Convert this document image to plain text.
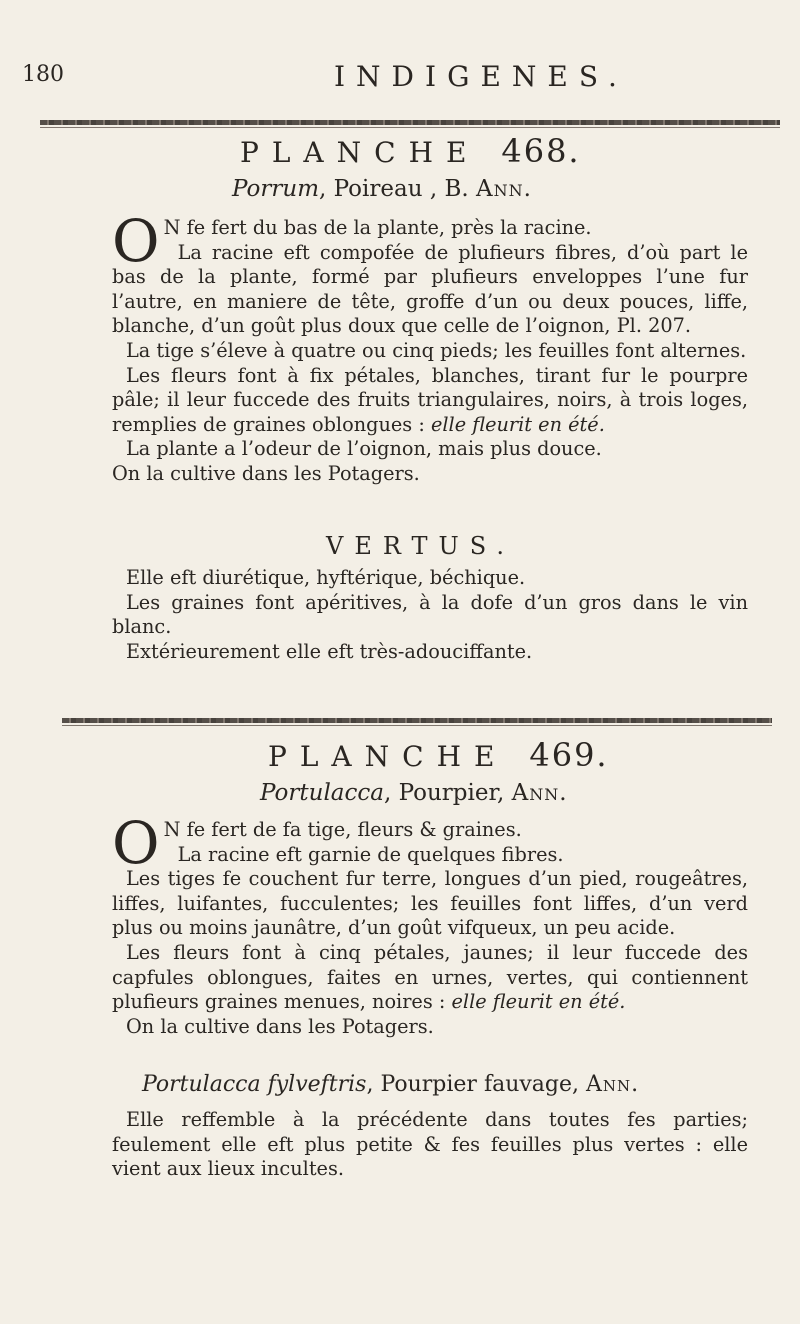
180	INDIGENES.
PLANCHE 468.
Porrum, Poireau , B. Ann.

O N fe fert du bas de la plante, près la racine.

La racine eft compofée de plufieurs fibres, d’où part le bas de la plante, formé par plufieurs enveloppes l’une fur l’autre, en maniere de tête, groffe d’un ou deux pouces, liffe, blanche, d’un goût plus doux que celle de l’oignon, Pl. 207.

La tige s’éleve à quatre ou cinq pieds; les feuilles font alternes.

Les fleurs font à fix pétales, blanches, tirant fur le pourpre pâle; il leur fuccede des fruits triangulaires, noirs, à trois loges, remplies de graines oblongues : elle fleurit en été.

La plante a l’odeur de l’oignon, mais plus douce.

On la cultive dans les Potagers.

VERTUS.

Elle eft diurétique, hyftérique, béchique.

Les graines font apéritives, à la dofe d’un gros dans le vin blanc.

Extérieurement elle eft très-adouciffante.

PLANCHE 469.
Portulacca, Pourpier, Ann.

O N fe fert de fa tige, fleurs & graines.

La racine eft garnie de quelques fibres.

Les tiges fe couchent fur terre, longues d’un pied, rougeâtres, liffes, luifantes, fucculentes; les feuilles font liffes, d’un verd plus ou moins jaunâtre, d’un goût vifqueux, un peu acide.

Les fleurs font à cinq pétales, jaunes; il leur fuccede des capfules oblongues, faites en urnes, vertes, qui contiennent plufieurs graines menues, noires : elle fleurit en été.

On la cultive dans les Potagers.

Portulacca fylveftris, Pourpier fauvage, Ann.

Elle reffemble à la précédente dans toutes fes parties; feulement elle eft plus petite & fes feuilles plus vertes : elle vient aux lieux incultes.
